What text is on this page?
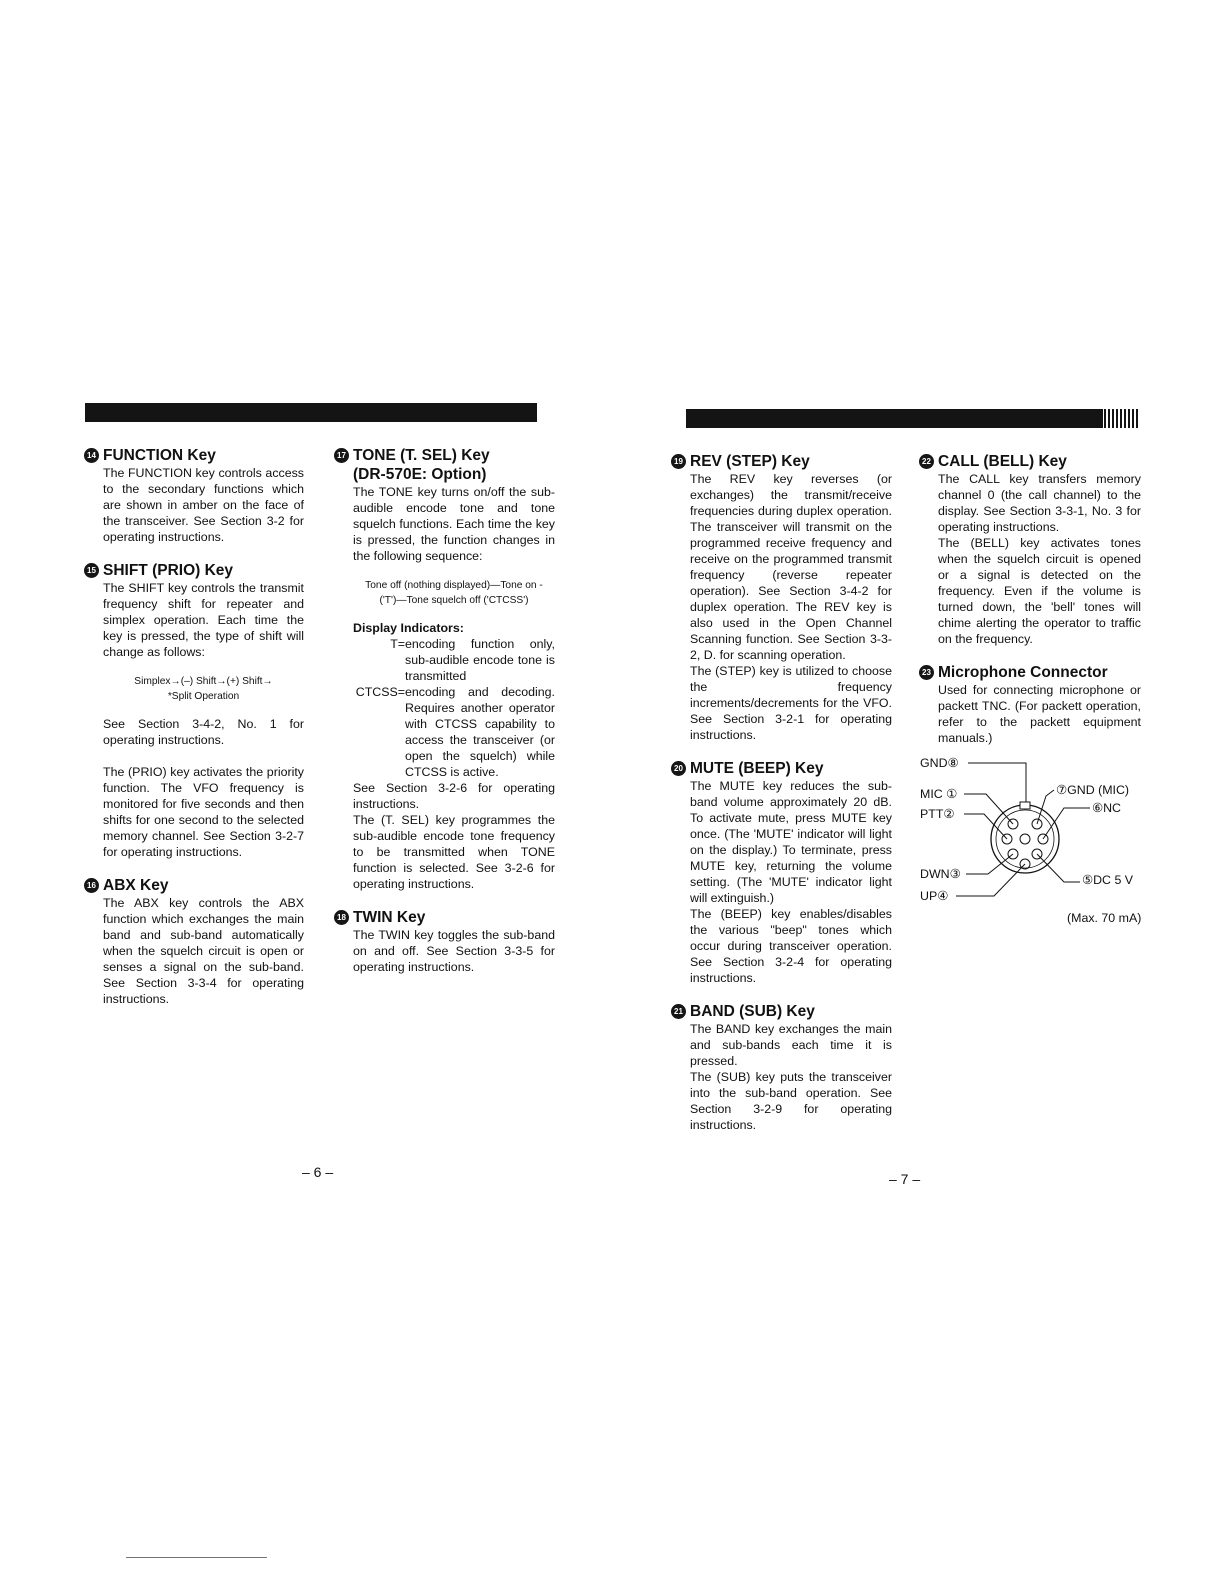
14 FUNCTION Key

The FUNCTION key controls access to the secondary functions which are shown in amber on the face of the transceiver. See Section 3-2 for operating instructions.

15 SHIFT (PRIO) Key

The SHIFT key controls the transmit frequency shift for repeater and simplex operation. Each time the key is pressed, the type of shift will change as follows:

Simplex→(–) Shift→(+) Shift→
*Split Operation

See Section 3-4-2, No. 1 for operating instructions.

The (PRIO) key activates the priority function. The VFO frequency is monitored for five seconds and then shifts for one second to the selected memory channel. See Section 3-2-7 for operating instructions.

16 ABX Key

The ABX key controls the ABX function which exchanges the main band and sub-band automatically when the squelch circuit is open or senses a signal on the sub-band. See Section 3-3-4 for operating instructions.

17 TONE (T. SEL) Key
(DR-570E: Option)

The TONE key turns on/off the sub-audible encode tone and tone squelch functions. Each time the key is pressed, the function changes in the following sequence:

Tone off (nothing displayed)—Tone on -
('T')—Tone squelch off ('CTCSS')
Display Indicators:
T= encoding function only, sub-audible encode tone is transmitted
CTCSS= encoding and decoding. Requires another operator with CTCSS capability to access the transceiver (or open the squelch) while CTCSS is active.

See Section 3-2-6 for operating instructions.

The (T. SEL) key programmes the sub-audible encode tone frequency to be transmitted when TONE function is selected. See 3-2-6 for operating instructions.

18 TWIN Key

The TWIN key toggles the sub-band on and off. See Section 3-3-5 for operating instructions.

19 REV (STEP) Key

The REV key reverses (or exchanges) the transmit/receive frequencies during duplex operation. The transceiver will transmit on the programmed receive frequency and receive on the programmed transmit frequency (reverse repeater operation). See Section 3-4-2 for duplex operation. The REV key is also used in the Open Channel Scanning function. See Section 3-3-2, D. for scanning operation.

The (STEP) key is utilized to choose the frequency increments/decrements for the VFO. See Section 3-2-1 for operating instructions.

20 MUTE (BEEP) Key

The MUTE key reduces the sub-band volume approximately 20 dB. To activate mute, press MUTE key once. (The 'MUTE' indicator will light on the display.) To terminate, press MUTE key, returning the volume setting. (The 'MUTE' indicator light will extinguish.)

The (BEEP) key enables/disables the various "beep" tones which occur during transceiver operation. See Section 3-2-4 for operating instructions.

21 BAND (SUB) Key

The BAND key exchanges the main and sub-bands each time it is pressed.

The (SUB) key puts the transceiver into the sub-band operation. See Section 3-2-9 for operating instructions.

22 CALL (BELL) Key

The CALL key transfers memory channel 0 (the call channel) to the display. See Section 3-3-1, No. 3 for operating instructions.

The (BELL) key activates tones when the squelch circuit is opened or a signal is detected on the frequency. Even if the volume is turned down, the 'bell' tones will chime alerting the operator to traffic on the frequency.

23 Microphone Connector

Used for connecting microphone or packett TNC. (For packett operation, refer to the packett equipment manuals.)

GND⑧
MIC ①
PTT②
DWN③
UP④
⑦GND (MIC)
⑥NC
⑤DC 5 V
(Max. 70 mA)
– 6 –	– 7 –
